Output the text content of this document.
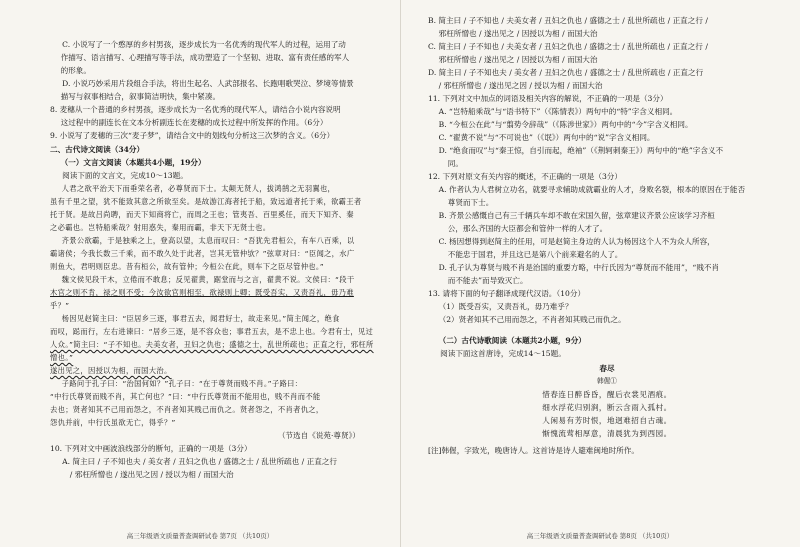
C. 小说写了一个憨厚的乡村男孩，逐步成长为一名优秀的现代军人的过程，运用了动

作描写、语言描写、心理描写等手法，成功塑造了一个坚韧、进取、富有责任感的军人

的形象。

D. 小说巧妙采用片段组合手法，将出生起名、人武部报名、长跑唱歌哭泣、梦境等情景

描写与叙事相结合，叙事简洁明快，集中紧凑。

8. 麦穗从一个普通的乡村男孩，逐步成长为一名优秀的现代军人，请结合小说内容说明

这过程中的副连长在文本分析副连长在麦穗的成长过程中所发挥的作用。（6分）

9. 小说写了麦穗的三次“麦子梦”，请结合文中的划线句分析这三次梦的含义。（6分）

二、古代诗文阅读（34分）

（一）文言文阅读（本题共4小题，19分）

阅读下面的文言文，完成10～13题。

人君之欲平治天下而垂荣名者，必尊贤而下士。太颠无贤人，拔鸿鹄之无羽翼也，

虽有千里之望，犹不能致其意之所欲至矣。是故游江海者托于船，致远道者托于乘，欲霸王者

托于贤。是故吕尚聘，而天下知商将亡，而周之王也；管夷吾、百里奚任，而天下知齐、秦

之必霸也。岂特船乘哉？射用惑失，秦用而霸，非天下无贤士也。

齐景公欲霸，于是独乘之上，登高以望，太息而叹曰：“吾犹先君桓公，有车八百乘，以

霸诸侯；今我长数三千乘，而不敢久处于此者，岂其无管仲欤？”弦章对曰：“臣闻之，水广

则鱼大，君明则臣忠。昔有桓公，故有管仲；今桓公在此，则车下之臣尽管仲也。”

魏文侯见段干木，立倦而不敢息；反见翟黄，踞堂而与之言，翟黄不说。文侯曰：“段干

木官之则不肯，禄之则不受；今汝欲官则相至，欲禄则上卿；既受吾实，又责吾礼，毋乃难

乎？”

杨因见赵简主曰：“臣居乡三逐，事君五去，闻君好士，故走来见。”简主闻之，绝食

而叹，跽而行，左右进谏曰：“居乡三逐，是不容众也；事君五去，是不忠上也。今君有士，见过

人众。”简主曰：“子不知也。夫美女者，丑妇之仇也；盛德之士，乱世所疏也；正直之行，邪枉所憎也。”

遂出见之，因授以为相，而国大治。

子路问于孔子曰：“治国何如？”孔子曰：“在于尊贤而贱不肖。”子路曰：

“中行氏尊贤而贱不肖，其亡何也？”曰：“中行氏尊贤而不能用也，贱不肖而不能

去也；贤者知其不己用而怨之，不肖者知其贱己而仇之。贤者怨之，不肖者仇之，

怨仇并前，中行氏虽欲无亡，得乎？”

（节选自《说苑·尊贤》）

10. 下列对文中画波浪线部分的断句，正确的一项是（3分）

A. 简主曰 / 子不知也夫 / 美女者 / 丑妇之仇也 / 盛德之士 / 乱世所疏也 / 正直之行

/ 邪枉所憎也 / 遂出见之因 / 授以为相 / 而国大治

高三年级语文质量普查调研试卷 第7页 （共10页）

B. 简主曰 / 子不知也 / 夫美女者 / 丑妇之仇也 / 盛德之士 / 乱世所疏也 / 正直之行 /

邪枉所憎也 / 遂出见之 / 因授以为相 / 而国大治

C. 简主曰 / 子不知也 / 夫美女者 / 丑妇之仇也 / 盛德之士 / 乱世所疏也 / 正直之行 /

邪枉所憎也 / 遂出见之 / 因授以为相 / 而国大治

D. 简主曰 / 子不知也夫 / 美女者 / 丑妇之仇也 / 盛德之士 / 乱世所疏也 / 正直之行

/ 邪枉所憎也 / 遂出见之因 / 授以为相 / 而国大治

11. 下列对文中加点的词语及相关内容的解说，不正确的一项是（3分）

A. “岂特船乘哉”与“语书特下”（《陈情表》）两句中的“特”字含义相同。

B. “今桓公在此”与“翦势令辞哉”（《陈涉世家》）两句中的“今”字含义相同。

C. “翟黄不说”与“不可说也”（《氓》）两句中的“说”字含义相同。

D. “绝食而叹”与“秦王惊，自引而起，绝袖”（《荆轲刺秦王》）两句中的“绝”字含义不

同。

12. 下列对原文有关内容的概述，不正确的一项是（3分）

A. 作者认为人君树立功名，就要寻求辅助成就霸业的人才，身败名裂，根本的原因在于能否

尊贤而下士。

B. 齐景公感慨自己有三千辆兵车却不敢在宋国久留，弦章建议齐景公应该学习齐桓

公，那么齐国的大臣都会和管仲一样的人才了。

C. 杨因想得到赵简主的任用，可是赵简主身边的人认为杨因这个人不为众人所容，

不能忠于国君，并且这已是第八个前来避名的人了。

D. 孔子认为尊贤与贱不肖是治国的重要方略，中行氏因为“尊贤而不能用”，“贱不肖

而不能去”而导致灭亡。

13. 请将下面的句子翻译成现代汉语。（10分）

（1）既受吾实，又责吾礼，毋乃难乎？

（2）贤者知其不己用而怨之，不肖者知其贱己而仇之。

（二）古代诗歌阅读（本题共2小题，9分）

阅读下面这首唐诗，完成14～15题。

春尽

韩偓①

惜春连日醉昏昏，醒后衣裳见酒痕。

细水浮花归别涧，断云含雨入孤村。

人闲易有芳时恨，地迥难招自古魂。

惭愧流莺相厚意，清晨犹为到西园。

[注]韩偓，字致光，晚唐诗人。这首诗是诗人避难闽地时所作。

高三年级语文质量普查调研试卷 第8页 （共10页）
